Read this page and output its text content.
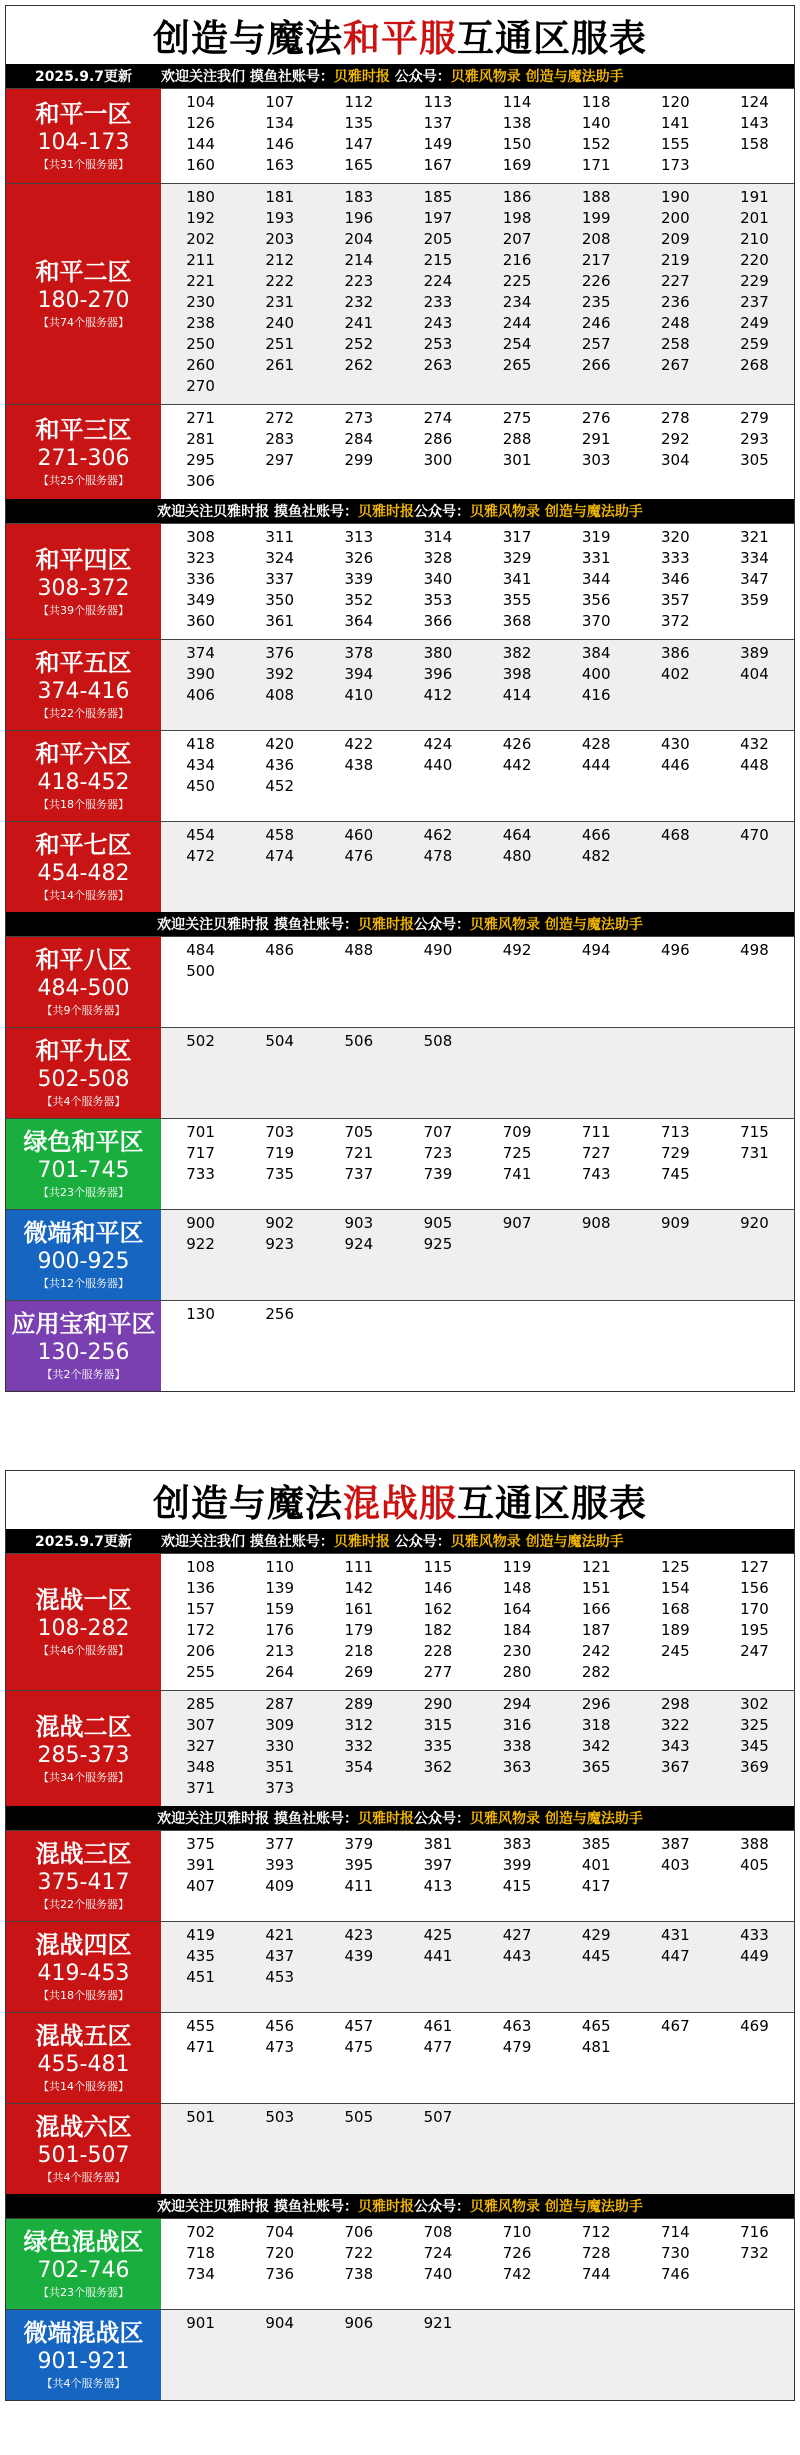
创造与魔法 和平服 互通区服表
2025.9.7更新	欢迎关注我们 摸鱼社账号：贝雅时报 公众号：贝雅风物录 创造与魔法助手
和平一区
104-173
【共31个服务器】
104	107	112	113	114	118	120	124
126	134	135	137	138	140	141	143
144	146	147	149	150	152	155	158
160	163	165	167	169	171	173
和平二区
180-270
【共74个服务器】
180	181	183	185	186	188	190	191
192	193	196	197	198	199	200	201
202	203	204	205	207	208	209	210
211	212	214	215	216	217	219	220
221	222	223	224	225	226	227	229
230	231	232	233	234	235	236	237
238	240	241	243	244	246	248	249
250	251	252	253	254	257	258	259
260	261	262	263	265	266	267	268
270
和平三区
271-306
【共25个服务器】
271	272	273	274	275	276	278	279
281	283	284	286	288	291	292	293
295	297	299	300	301	303	304	305
306
欢迎关注贝雅时报 摸鱼社账号： 贝雅时报 公众号： 贝雅风物录 创造与魔法助手
和平四区
308-372
【共39个服务器】
308	311	313	314	317	319	320	321
323	324	326	328	329	331	333	334
336	337	339	340	341	344	346	347
349	350	352	353	355	356	357	359
360	361	364	366	368	370	372
和平五区
374-416
【共22个服务器】
374	376	378	380	382	384	386	389
390	392	394	396	398	400	402	404
406	408	410	412	414	416
和平六区
418-452
【共18个服务器】
418	420	422	424	426	428	430	432
434	436	438	440	442	444	446	448
450	452
和平七区
454-482
【共14个服务器】
454	458	460	462	464	466	468	470
472	474	476	478	480	482
欢迎关注贝雅时报 摸鱼社账号： 贝雅时报 公众号： 贝雅风物录 创造与魔法助手
和平八区
484-500
【共9个服务器】
484	486	488	490	492	494	496	498
500
和平九区
502-508
【共4个服务器】
502	504	506	508
绿色和平区
701-745
【共23个服务器】
701	703	705	707	709	711	713	715
717	719	721	723	725	727	729	731
733	735	737	739	741	743	745
微端和平区
900-925
【共12个服务器】
900	902	903	905	907	908	909	920
922	923	924	925
应用宝和平区
130-256
【共2个服务器】
130	256
创造与魔法 混战服 互通区服表
2025.9.7更新	欢迎关注我们 摸鱼社账号：贝雅时报 公众号：贝雅风物录 创造与魔法助手
混战一区
108-282
【共46个服务器】
108	110	111	115	119	121	125	127
136	139	142	146	148	151	154	156
157	159	161	162	164	166	168	170
172	176	179	182	184	187	189	195
206	213	218	228	230	242	245	247
255	264	269	277	280	282
混战二区
285-373
【共34个服务器】
285	287	289	290	294	296	298	302
307	309	312	315	316	318	322	325
327	330	332	335	338	342	343	345
348	351	354	362	363	365	367	369
371	373
欢迎关注贝雅时报 摸鱼社账号： 贝雅时报 公众号： 贝雅风物录 创造与魔法助手
混战三区
375-417
【共22个服务器】
375	377	379	381	383	385	387	388
391	393	395	397	399	401	403	405
407	409	411	413	415	417
混战四区
419-453
【共18个服务器】
419	421	423	425	427	429	431	433
435	437	439	441	443	445	447	449
451	453
混战五区
455-481
【共14个服务器】
455	456	457	461	463	465	467	469
471	473	475	477	479	481
混战六区
501-507
【共4个服务器】
501	503	505	507
欢迎关注贝雅时报 摸鱼社账号： 贝雅时报 公众号： 贝雅风物录 创造与魔法助手
绿色混战区
702-746
【共23个服务器】
702	704	706	708	710	712	714	716
718	720	722	724	726	728	730	732
734	736	738	740	742	744	746
微端混战区
901-921
【共4个服务器】
901	904	906	921
